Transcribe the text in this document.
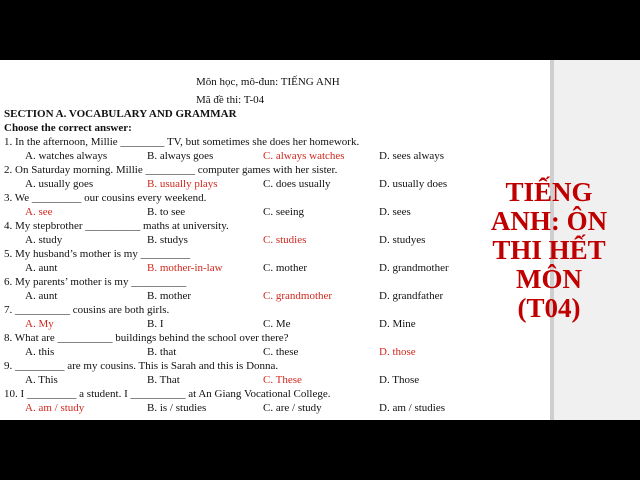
Môn học, mô-đun: TIẾNG ANH
Mã đề thi: T-04
SECTION A. VOCABULARY AND GRAMMAR
Choose the correct answer:
1. In the afternoon, Millie ________ TV, but sometimes she does her homework.
A. watches always	B. always goes	C. always watches	D. sees always
2. On Saturday morning. Millie _________ computer games with her sister.
A. usually goes	B. usually plays	C. does usually	D. usually does
3. We _________ our cousins every weekend.
A. see	B. to see	C. seeing	D. sees
4. My stepbrother __________ maths at university.
A. study	B. studys	C. studies	D. studyes
5. My husband’s mother is my _________
A. aunt	B. mother-in-law	C. mother	D. grandmother
6. My parents’ mother is my __________
A. aunt	B. mother	C. grandmother	D. grandfather
7. __________ cousins are both girls.
A. My	B. I	C. Me	D. Mine
8. What are __________ buildings behind the school over there?
A. this	B. that	C. these	D. those
9. _________ are my cousins. This is Sarah and this is Donna.
A. This	B. That	C. These	D. Those
10. I _________ a student. I __________ at An Giang Vocational College.
A. am / study	B. is / studies	C. are / study	D. am / studies
TIẾNG
ANH: ÔN
THI HẾT
MÔN
(T04)
